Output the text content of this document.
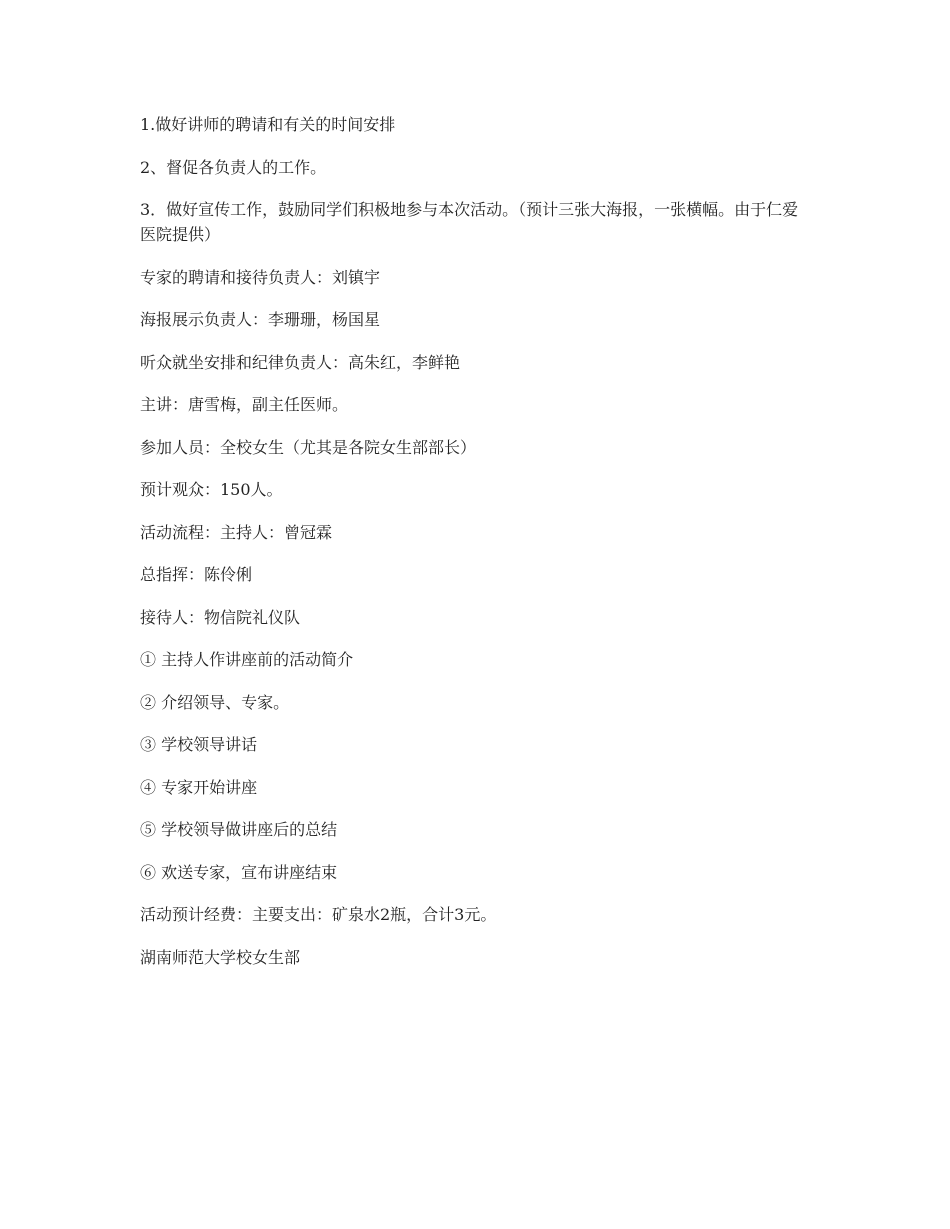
1.做好讲师的聘请和有关的时间安排

2、督促各负责人的工作。

3．做好宣传工作，鼓励同学们积极地参与本次活动。（预计三张大海报，一张横幅。由于仁爱医院提供）

专家的聘请和接待负责人：刘镇宇

海报展示负责人：李珊珊，杨国星

听众就坐安排和纪律负责人：高朱红，李鲜艳

主讲：唐雪梅，副主任医师。

参加人员：全校女生（尤其是各院女生部部长）

预计观众：150人。

活动流程：主持人：曾冠霖

总指挥：陈伶俐

接待人：物信院礼仪队

① 主持人作讲座前的活动简介

② 介绍领导、专家。

③ 学校领导讲话

④ 专家开始讲座

⑤ 学校领导做讲座后的总结

⑥ 欢送专家，宣布讲座结束

活动预计经费：主要支出：矿泉水2瓶，合计3元。

湖南师范大学校女生部
